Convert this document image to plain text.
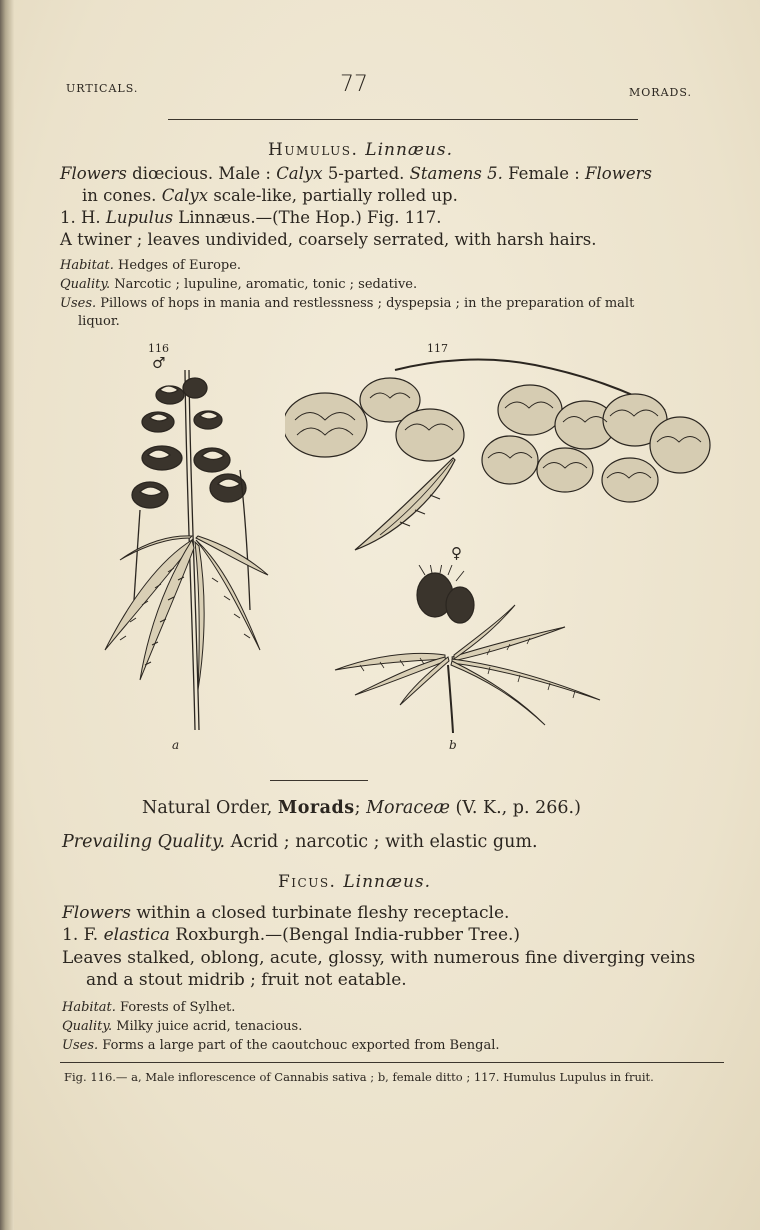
URTICALS.	77	MORADS.
Humulus. Linnæus.
Flowers diœcious. Male : Calyx 5-parted. Stamens 5. Female : Flowers
in cones. Calyx scale-like, partially rolled up.
1. H. Lupulus Linnæus.—(The Hop.) Fig. 117.
A twiner ; leaves undivided, coarsely serrated, with harsh hairs.
Habitat. Hedges of Europe.
Quality. Narcotic ; lupuline, aromatic, tonic ; sedative.
Uses. Pillows of hops in mania and restlessness ; dyspepsia ; in the preparation of malt
liquor.
116	117
♂
♀
a	b
Natural Order, Morads; Moraceæ (V. K., p. 266.)
Prevailing Quality. Acrid ; narcotic ; with elastic gum.
Ficus. Linnæus.
Flowers within a closed turbinate fleshy receptacle.
1. F. elastica Roxburgh.—(Bengal India-rubber Tree.)
Leaves stalked, oblong, acute, glossy, with numerous fine diverging veins
and a stout midrib ; fruit not eatable.
Habitat. Forests of Sylhet.
Quality. Milky juice acrid, tenacious.
Uses. Forms a large part of the caoutchouc exported from Bengal.
Fig. 116.— a, Male inflorescence of Cannabis sativa ; b, female ditto ; 117. Humulus Lupulus in fruit.
